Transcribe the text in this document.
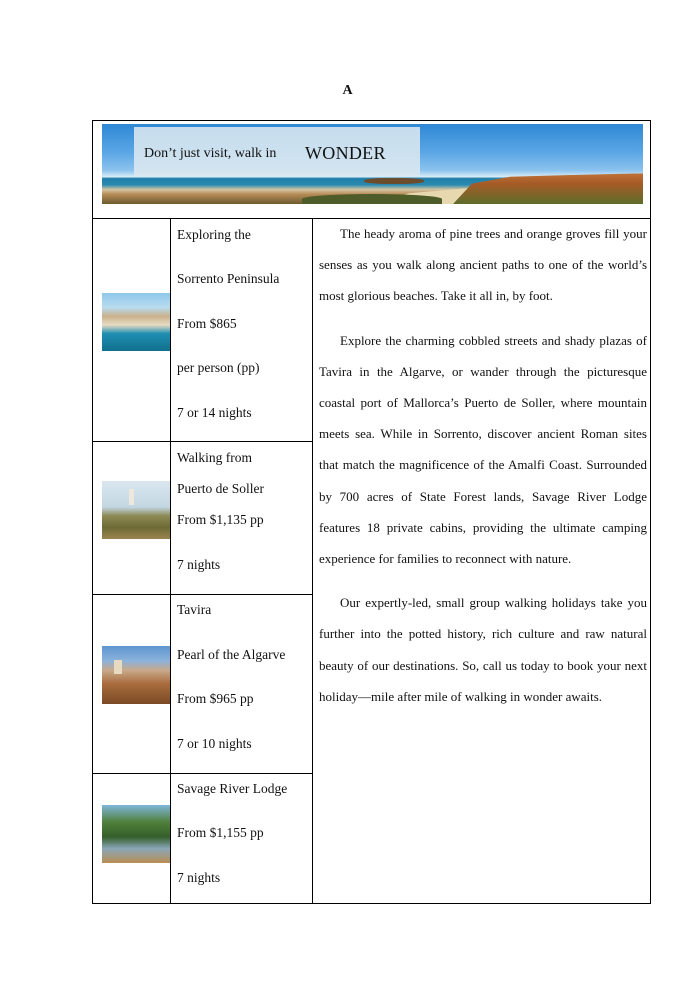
A
Don’t just visit, walk in WONDER
Exploring the
Sorrento Peninsula
From $865
per person (pp)
7 or 14 nights
Walking from
Puerto de Soller
From $1,135 pp
7 nights
Tavira
Pearl of the Algarve
From $965 pp
7 or 10 nights
Savage River Lodge
From $1,155 pp
7 nights

The heady aroma of pine trees and orange groves fill your senses as you walk along ancient paths to one of the world’s most glorious beaches. Take it all in, by foot.

Explore the charming cobbled streets and shady plazas of Tavira in the Algarve, or wander through the picturesque coastal port of Mallorca’s Puerto de Soller, where mountain meets sea. While in Sorrento, discover ancient Roman sites that match the magnificence of the Amalfi Coast. Surrounded by 700 acres of State Forest lands, Savage River Lodge features 18 private cabins, providing the ultimate camping experience for families to reconnect with nature.

Our expertly-led, small group walking holidays take you further into the potted history, rich culture and raw natural beauty of our destinations. So, call us today to book your next holiday—mile after mile of walking in wonder awaits.
